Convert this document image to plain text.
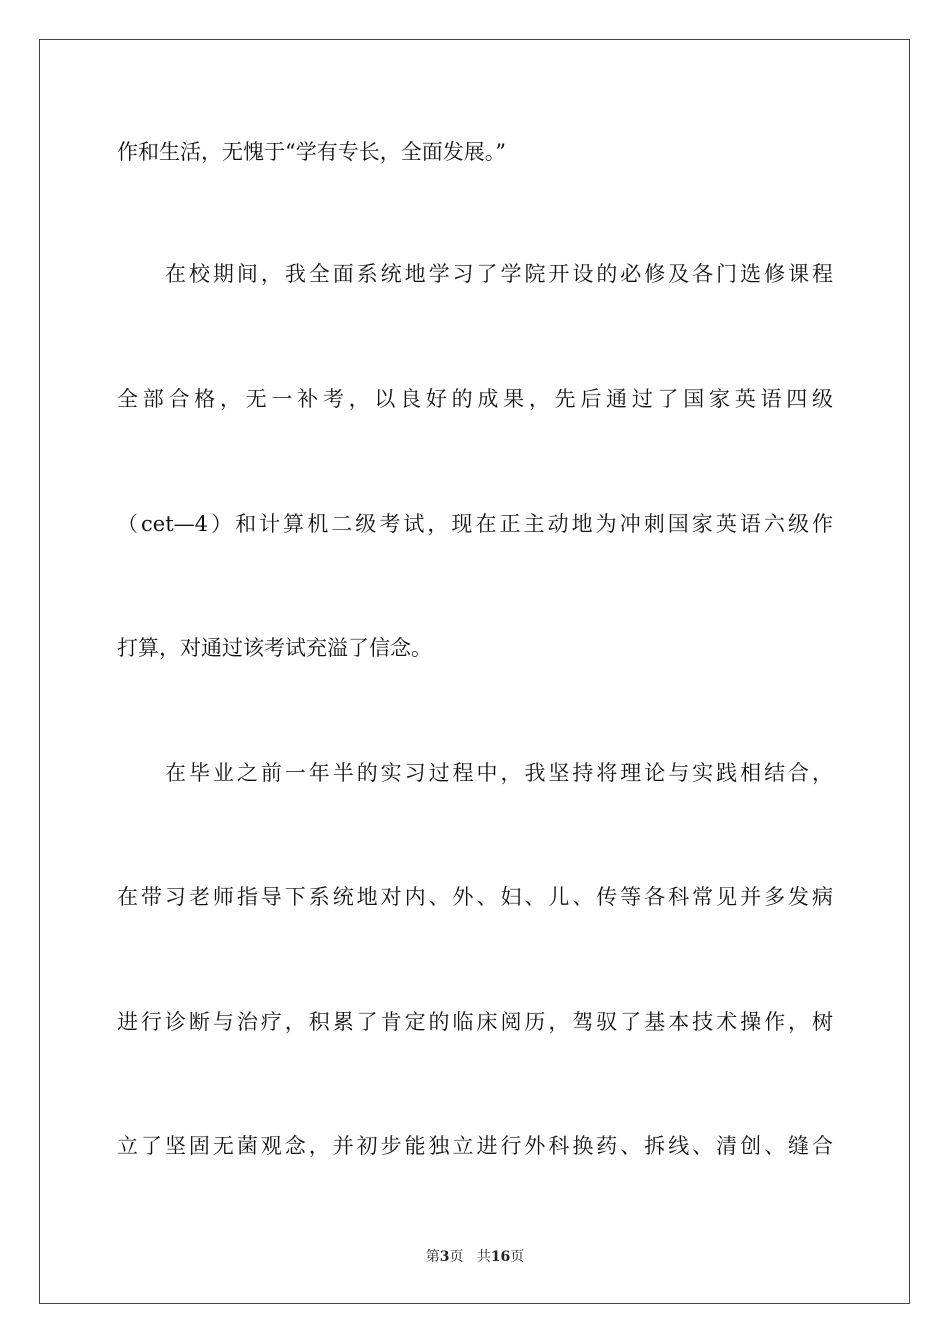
作和生活，无愧于“学有专长，全面发展。”
在校期间，我全面系统地学习了学院开设的必修及各门选修课程
全部合格，无一补考，以良好的成果，先后通过了国家英语四级
（cet—4）和计算机二级考试，现在正主动地为冲刺国家英语六级作
打算，对通过该考试充溢了信念。
在毕业之前一年半的实习过程中，我坚持将理论与实践相结合，
在带习老师指导下系统地对内、外、妇、儿、传等各科常见并多发病
进行诊断与治疗，积累了肯定的临床阅历，驾驭了基本技术操作，树
立了坚固无菌观念，并初步能独立进行外科换药、拆线、清创、缝合
第3页 共16页
